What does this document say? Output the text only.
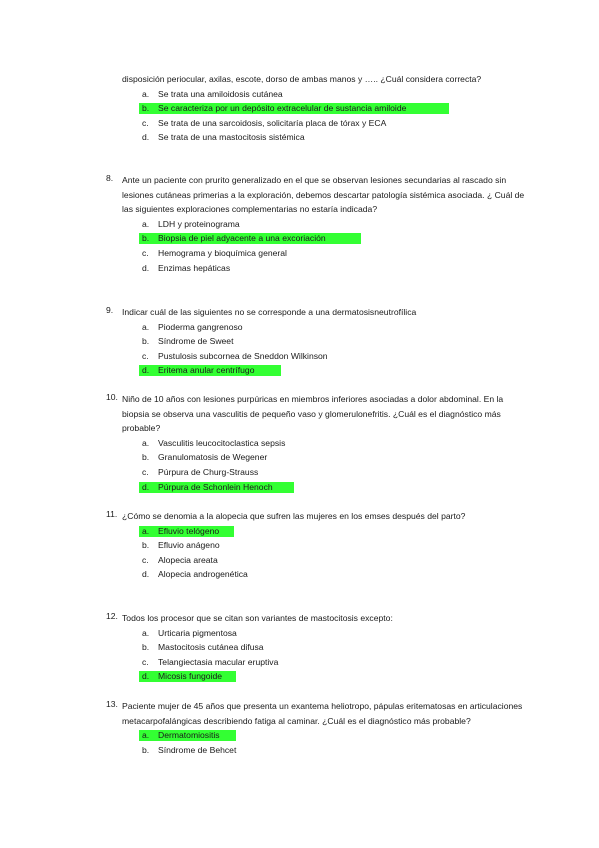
disposición periocular, axilas, escote, dorso de ambas manos y ….. ¿Cuál considera correcta?
a. Se trata una amiloidosis cutánea
b. Se caracteriza por un depósito extracelular de sustancia amiloide
c. Se trata de una sarcoidosis, solicitaría placa de tórax y ECA
d. Se trata de una mastocitosis sistémica
8. Ante un paciente con prurito generalizado en el que se observan lesiones secundarias al rascado sin lesiones cutáneas primerias a la exploración, debemos descartar patología sistémica asociada. ¿ Cuál de las siguientes exploraciones complementarias no estaría indicada?
a. LDH y proteinograma
b. Biopsia de piel adyacente a una excoriación
c. Hemograma y bioquímica general
d. Enzimas hepáticas
9. Indicar cuál de las siguientes no se corresponde a una dermatosisneutrofílica
a. Pioderma gangrenoso
b. Síndrome de Sweet
c. Pustulosis subcornea de Sneddon Wilkinson
d. Eritema anular centrífugo
10. Niño de 10 años con lesiones purpúricas en miembros inferiores asociadas a dolor abdominal. En la biopsia se observa una vasculitis de pequeño vaso y glomerulonefritis. ¿Cuál es el diagnóstico más probable?
a. Vasculitis leucocitoclastica sepsis
b. Granulomatosis de Wegener
c. Púrpura de Churg-Strauss
d. Púrpura de Schonlein Henoch
11. ¿Cómo se denomia a la alopecia que sufren las mujeres en los emses después del parto?
a. Efluvio telógeno
b. Efluvio anágeno
c. Alopecia areata
d. Alopecia androgenética
12. Todos los procesor que se citan son variantes de mastocitosis excepto:
a. Urticaria pigmentosa
b. Mastocitosis cutánea difusa
c. Telangiectasia macular eruptiva
d. Micosis fungoide
13. Paciente mujer de 45 años que presenta un exantema heliotropo, pápulas eritematosas en articulaciones metacarpofalángicas describiendo fatiga al caminar. ¿Cuál es el diagnóstico más probable?
a. Dermatomiositis
b. Síndrome de Behcet
